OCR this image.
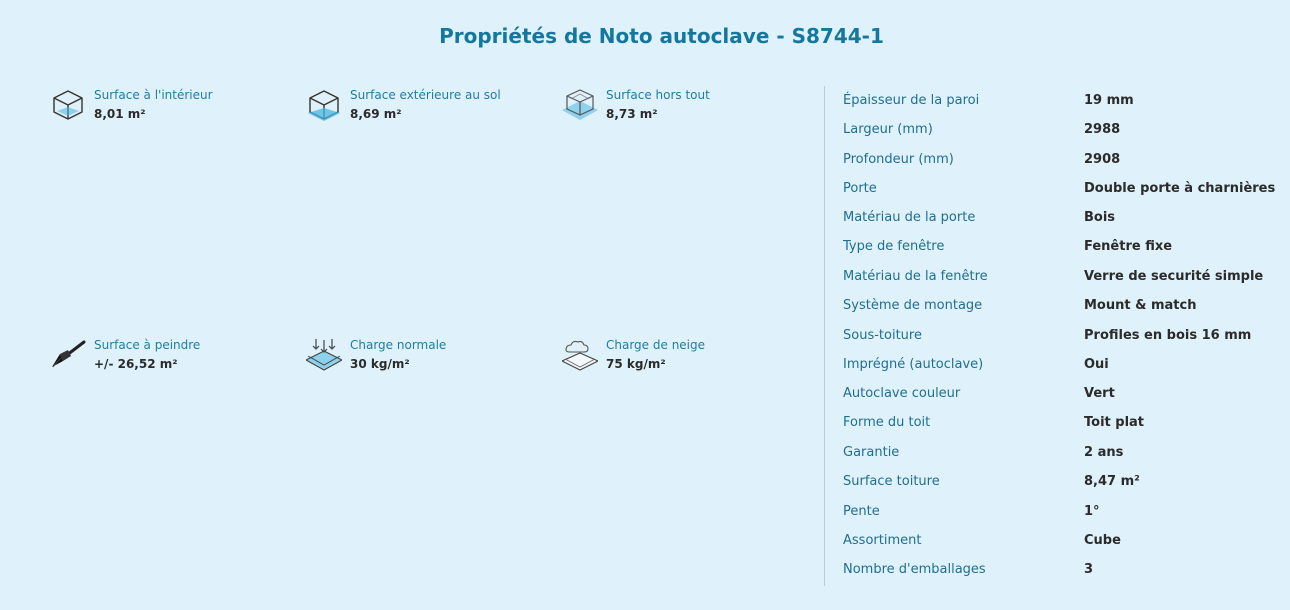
Propriétés de Noto autoclave - S8744-1
Surface à l'intérieur
8,01 m²
Surface extérieure au sol
8,69 m²
Surface hors tout
8,73 m²
Surface à peindre
+/- 26,52 m²
Charge normale
30 kg/m²
Charge de neige
75 kg/m²
Épaisseur de la paroi	19 mm
Largeur (mm)	2988
Profondeur (mm)	2908
Porte	Double porte à charnières
Matériau de la porte	Bois
Type de fenêtre	Fenêtre fixe
Matériau de la fenêtre	Verre de securité simple
Système de montage	Mount & match
Sous-toiture	Profiles en bois 16 mm
Imprégné (autoclave)	Oui
Autoclave couleur	Vert
Forme du toit	Toit plat
Garantie	2 ans
Surface toiture	8,47 m²
Pente	1°
Assortiment	Cube
Nombre d'emballages	3
